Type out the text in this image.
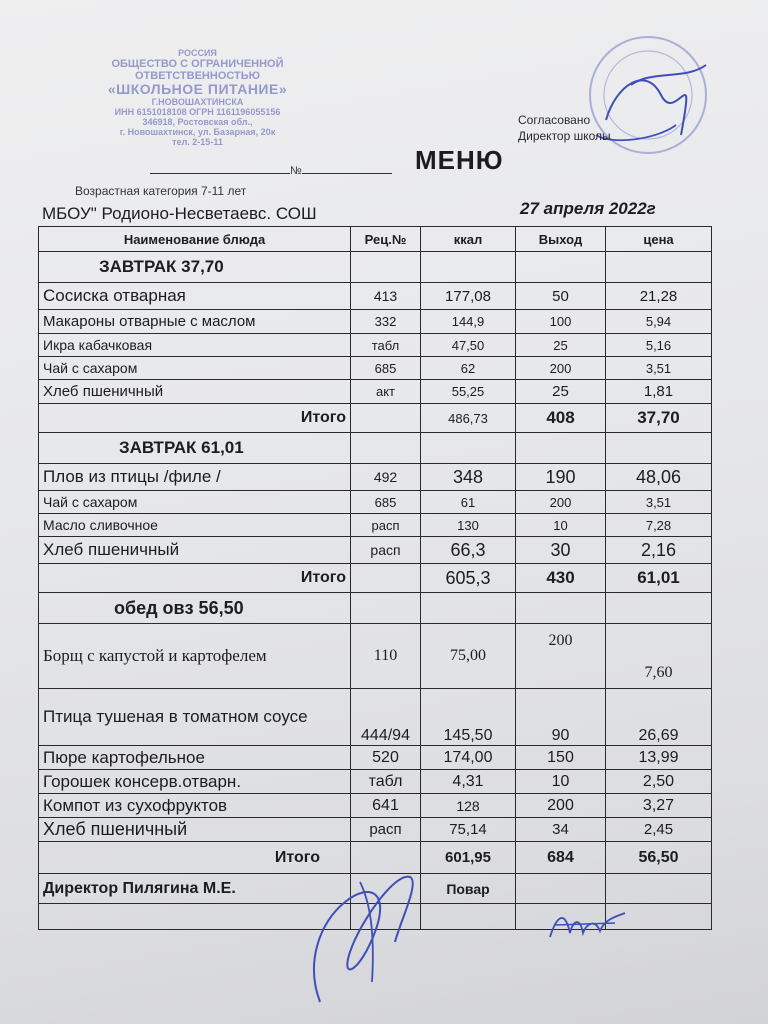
РОССИЯ
ОБЩЕСТВО С ОГРАНИЧЕННОЙ
ОТВЕТСТВЕННОСТЬЮ
«ШКОЛЬНОЕ ПИТАНИЕ»
Г.НОВОШАХТИНСКА
ИНН 6151018108 ОГРН 1161196055156
346918, Ростовская обл.,
г. Новошахтинск, ул. Базарная, 20к
тел. 2-15-11
№
Возрастная категория 7-11 лет
Согласовано
Директор школы
МЕНЮ
МБОУ" Родионо-Несветаевс. СОШ	27 апреля 2022г
Наименование блюда	Рец.№	ккал	Выход	цена
ЗАВТРАК 37,70				
Сосиска отварная	413	177,08	50	21,28
Макароны отварные с маслом	332	144,9	100	5,94
Икра кабачковая	табл	47,50	25	5,16
Чай с сахаром	685	62	200	3,51
Хлеб пшеничный	акт	55,25	25	1,81
Итого		486,73	408	37,70
ЗАВТРАК 61,01				
Плов из птицы /филе /	492	348	190	48,06
Чай с сахаром	685	61	200	3,51
Масло сливочное	расп	130	10	7,28
Хлеб пшеничный	расп	66,3	30	2,16
Итого		605,3	430	61,01
обед овз 56,50				
Борщ с капустой и картофелем	110	75,00	200	7,60
Птица тушеная в томатном соусе	444/94	145,50	90	26,69
Пюре картофельное	520	174,00	150	13,99
Горошек консерв.отварн.	табл	4,31	10	2,50
Компот из сухофруктов	641	128	200	3,27
Хлеб пшеничный	расп	75,14	34	2,45
Итого		601,95	684	56,50
Директор Пилягина М.Е.		Повар		
